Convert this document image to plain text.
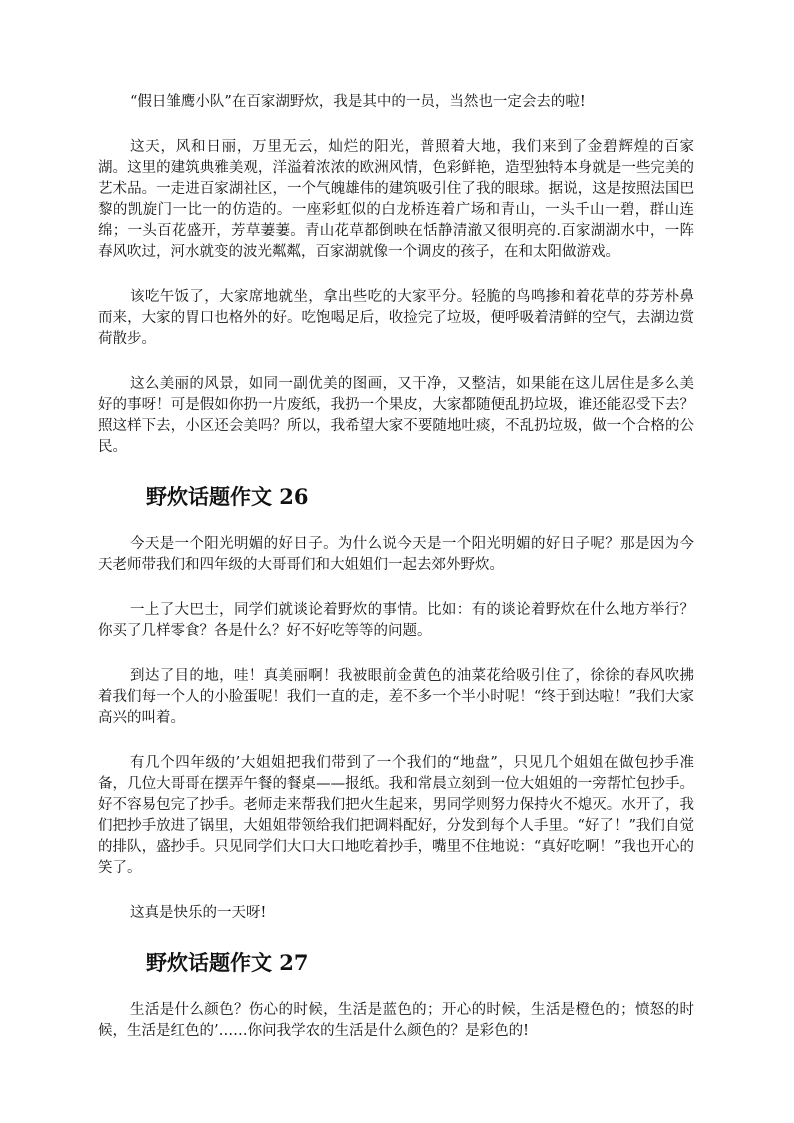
“假日雏鹰小队”在百家湖野炊，我是其中的一员，当然也一定会去的啦!

这天，风和日丽，万里无云，灿烂的阳光，普照着大地，我们来到了金碧辉煌的百家湖。这里的建筑典雅美观，洋溢着浓浓的欧洲风情，色彩鲜艳，造型独特本身就是一些完美的艺术品。一走进百家湖社区，一个气魄雄伟的建筑吸引住了我的眼球。据说，这是按照法国巴黎的凯旋门一比一的仿造的。一座彩虹似的白龙桥连着广场和青山，一头千山一碧，群山连绵；一头百花盛开，芳草萋萋。青山花草都倒映在恬静清澈又很明亮的.百家湖湖水中，一阵春风吹过，河水就变的波光粼粼，百家湖就像一个调皮的孩子，在和太阳做游戏。

该吃午饭了，大家席地就坐，拿出些吃的大家平分。轻脆的鸟鸣掺和着花草的芬芳朴鼻而来，大家的胃口也格外的好。吃饱喝足后，收捡完了垃圾，便呼吸着清鲜的空气，去湖边赏荷散步。

这么美丽的风景，如同一副优美的图画，又干净，又整洁，如果能在这儿居住是多么美好的事呀！可是假如你扔一片废纸，我扔一个果皮，大家都随便乱扔垃圾，谁还能忍受下去？照这样下去，小区还会美吗？所以，我希望大家不要随地吐痰，不乱扔垃圾，做一个合格的公民。

野炊话题作文 26

今天是一个阳光明媚的好日子。为什么说今天是一个阳光明媚的好日子呢？那是因为今天老师带我们和四年级的大哥哥们和大姐姐们一起去郊外野炊。

一上了大巴士，同学们就谈论着野炊的事情。比如：有的谈论着野炊在什么地方举行？你买了几样零食？各是什么？好不好吃等等的问题。

到达了目的地，哇！真美丽啊！我被眼前金黄色的油菜花给吸引住了，徐徐的春风吹拂着我们每一个人的小脸蛋呢！我们一直的走，差不多一个半小时呢！“终于到达啦！”我们大家高兴的叫着。

有几个四年级的’大姐姐把我们带到了一个我们的“地盘”，只见几个姐姐在做包抄手准备，几位大哥哥在摆弄午餐的餐桌——报纸。我和常晨立刻到一位大姐姐的一旁帮忙包抄手。好不容易包完了抄手。老师走来帮我们把火生起来，男同学则努力保持火不熄灭。水开了，我们把抄手放进了锅里，大姐姐带领给我们把调料配好，分发到每个人手里。“好了！”我们自觉的排队，盛抄手。只见同学们大口大口地吃着抄手，嘴里不住地说：“真好吃啊！”我也开心的笑了。

这真是快乐的一天呀!

野炊话题作文 27

生活是什么颜色？伤心的时候，生活是蓝色的；开心的时候，生活是橙色的；愤怒的时候，生活是红色的’……你问我学农的生活是什么颜色的？是彩色的!
